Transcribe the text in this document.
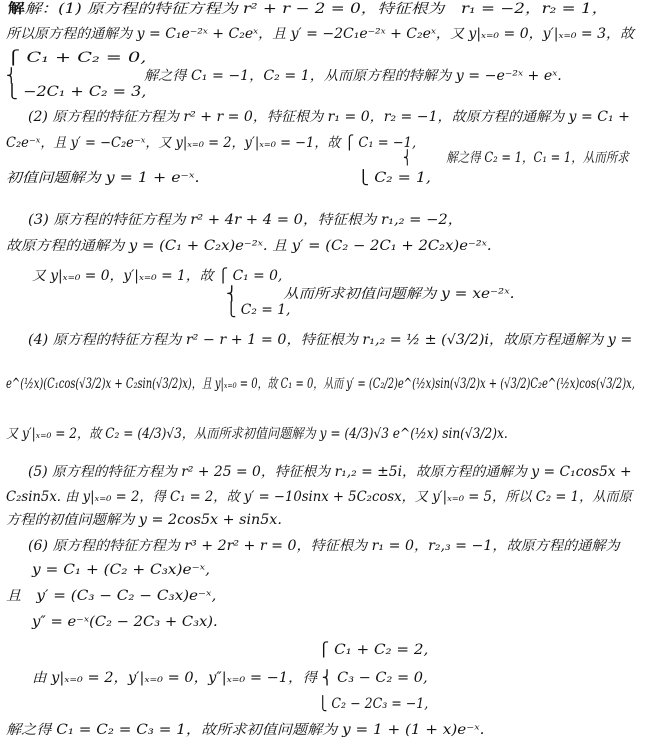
解解：(1) 原方程的特征方程为 r² + r − 2 = 0，特征根为　r₁ = −2，r₂ = 1，
所以原方程的通解为 y = C₁e⁻²ˣ + C₂eˣ，且 y′ = −2C₁e⁻²ˣ + C₂eˣ，又 y|ₓ₌₀ = 0，y′|ₓ₌₀ = 3，故
⎧ C₁ + C₂ = 0,
⎨　　　　　　　　　解之得 C₁ = −1，C₂ = 1，从而原方程的特解为 y = −e⁻²ˣ + eˣ.
⎩ −2C₁ + C₂ = 3,
(2) 原方程的特征方程为 r² + r = 0，特征根为 r₁ = 0，r₂ = −1，故原方程的通解为 y = C₁ +
C₂e⁻ˣ，且 y′ = −C₂e⁻ˣ，又 y|ₓ₌₀ = 2，y′|ₓ₌₀ = −1，故 ⎧ C₁ = −1,
⎨　　　解之得 C₂ = 1，C₁ = 1，从而所求
初值问题解为 y = 1 + e⁻ˣ.　　　　　　　　　　⎩ C₂ = 1,
(3) 原方程的特征方程为 r² + 4r + 4 = 0，特征根为 r₁,₂ = −2，
故原方程的通解为 y = (C₁ + C₂x)e⁻²ˣ. 且 y′ = (C₂ − 2C₁ + 2C₂x)e⁻²ˣ.
又 y|ₓ₌₀ = 0，y′|ₓ₌₀ = 1，故 ⎧ C₁ = 0,
⎨　　　从而所求初值问题解为 y = xe⁻²ˣ.
⎩ C₂ = 1,
(4) 原方程的特征方程为 r² − r + 1 = 0，特征根为 r₁,₂ = ½ ± (√3/2)i，故原方程通解为 y =
e^(½x)(C₁cos(√3/2)x + C₂sin(√3/2)x)，且 y|ₓ₌₀ = 0，故 C₁ = 0，从而 y′ = (C₂/2)e^(½x)sin(√3/2)x + (√3/2)C₂e^(½x)cos(√3/2)x,
又 y′|ₓ₌₀ = 2，故 C₂ = (4/3)√3，从而所求初值问题解为 y = (4/3)√3 e^(½x) sin(√3/2)x.
(5) 原方程的特征方程为 r² + 25 = 0，特征根为 r₁,₂ = ±5i，故原方程的通解为 y = C₁cos5x +
C₂sin5x. 由 y|ₓ₌₀ = 2，得 C₁ = 2，故 y′ = −10sinx + 5C₂cosx，又 y′|ₓ₌₀ = 5，所以 C₂ = 1，从而原
方程的初值问题解为 y = 2cos5x + sin5x.
(6) 原方程的特征方程为 r³ + 2r² + r = 0，特征根为 r₁ = 0，r₂,₃ = −1，故原方程的通解为
y = C₁ + (C₂ + C₃x)e⁻ˣ,
且　y′ = (C₃ − C₂ − C₃x)e⁻ˣ,
y″ = e⁻ˣ(C₂ − 2C₃ + C₃x).
⎧ C₁ + C₂ = 2,
由 y|ₓ₌₀ = 2，y′|ₓ₌₀ = 0，y″|ₓ₌₀ = −1，得 ⎨ C₃ − C₂ = 0,
⎩ C₂ − 2C₃ = −1,
解之得 C₁ = C₂ = C₃ = 1，故所求初值问题解为 y = 1 + (1 + x)e⁻ˣ.
